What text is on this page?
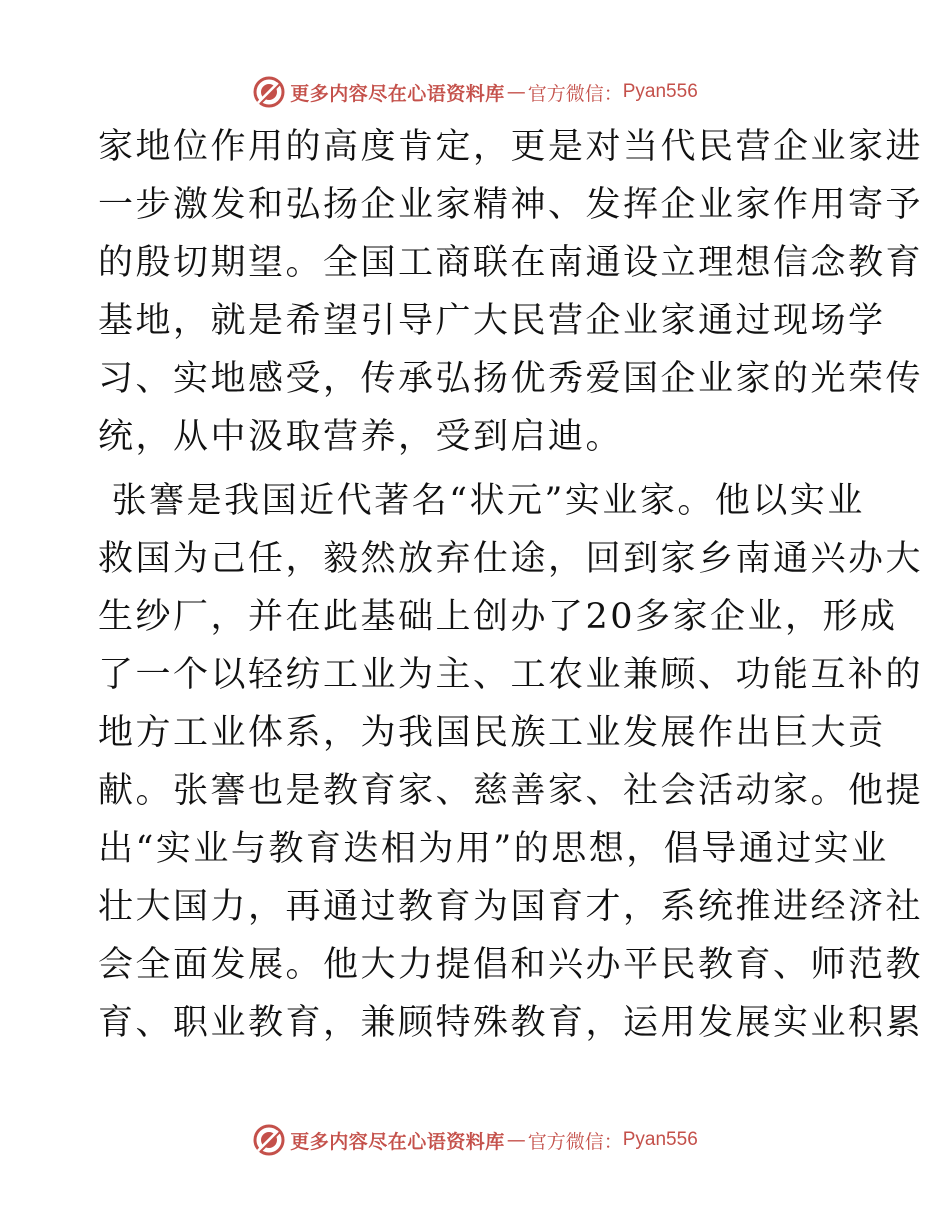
更多内容尽在心语资料库 — 官方微信： Pyan556
家地位作用的高度肯定，更是对当代民营企业家进
一步激发和弘扬企业家精神、发挥企业家作用寄予
的殷切期望。全国工商联在南通设立理想信念教育
基地，就是希望引导广大民营企业家通过现场学
习、实地感受，传承弘扬优秀爱国企业家的光荣传
统，从中汲取营养，受到启迪。
张謇是我国近代著名“状元”实业家。他以实业
救国为己任，毅然放弃仕途，回到家乡南通兴办大
生纱厂，并在此基础上创办了20多家企业，形成
了一个以轻纺工业为主、工农业兼顾、功能互补的
地方工业体系，为我国民族工业发展作出巨大贡
献。张謇也是教育家、慈善家、社会活动家。他提
出“实业与教育迭相为用”的思想，倡导通过实业
壮大国力，再通过教育为国育才，系统推进经济社
会全面发展。他大力提倡和兴办平民教育、师范教
育、职业教育，兼顾特殊教育，运用发展实业积累
更多内容尽在心语资料库 — 官方微信： Pyan556
